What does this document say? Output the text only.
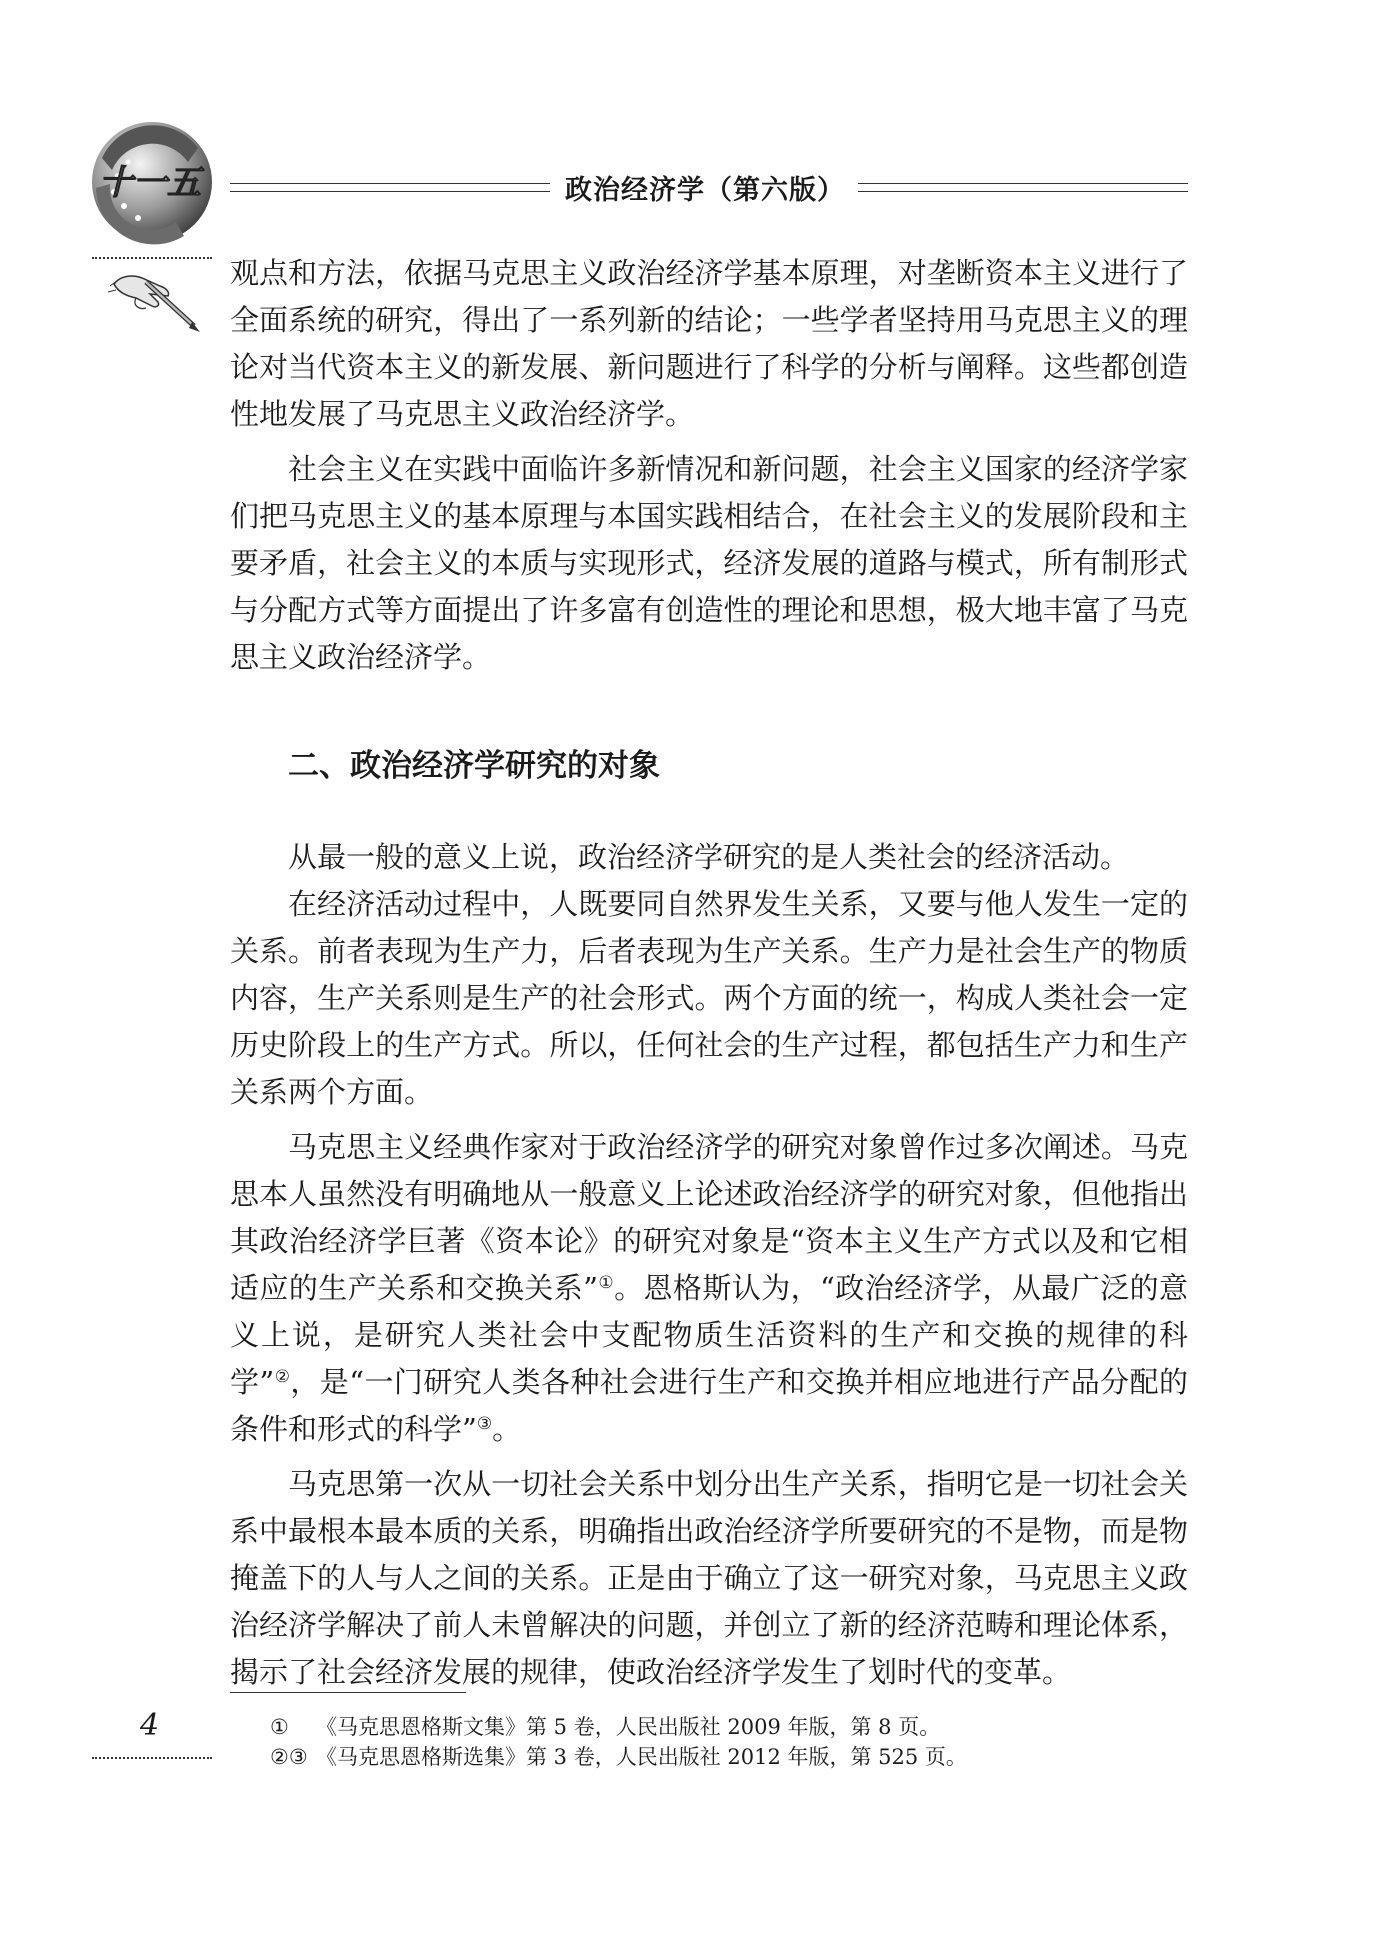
十一五	政治经济学（第六版）

观点和方法，依据马克思主义政治经济学基本原理，对垄断资本主义进行了全面系统的研究，得出了一系列新的结论；一些学者坚持用马克思主义的理论对当代资本主义的新发展、新问题进行了科学的分析与阐释。这些都创造性地发展了马克思主义政治经济学。

社会主义在实践中面临许多新情况和新问题，社会主义国家的经济学家们把马克思主义的基本原理与本国实践相结合，在社会主义的发展阶段和主要矛盾，社会主义的本质与实现形式，经济发展的道路与模式，所有制形式与分配方式等方面提出了许多富有创造性的理论和思想，极大地丰富了马克思主义政治经济学。

二、政治经济学研究的对象

从最一般的意义上说，政治经济学研究的是人类社会的经济活动。

在经济活动过程中，人既要同自然界发生关系，又要与他人发生一定的关系。前者表现为生产力，后者表现为生产关系。生产力是社会生产的物质内容，生产关系则是生产的社会形式。两个方面的统一，构成人类社会一定历史阶段上的生产方式。所以，任何社会的生产过程，都包括生产力和生产关系两个方面。

马克思主义经典作家对于政治经济学的研究对象曾作过多次阐述。马克思本人虽然没有明确地从一般意义上论述政治经济学的研究对象，但他指出其政治经济学巨著《资本论》的研究对象是“资本主义生产方式以及和它相适应的生产关系和交换关系”①。恩格斯认为，“政治经济学，从最广泛的意义上说，是研究人类社会中支配物质生活资料的生产和交换的规律的科学”②，是“一门研究人类各种社会进行生产和交换并相应地进行产品分配的条件和形式的科学”③。

马克思第一次从一切社会关系中划分出生产关系，指明它是一切社会关系中最根本最本质的关系，明确指出政治经济学所要研究的不是物，而是物掩盖下的人与人之间的关系。正是由于确立了这一研究对象，马克思主义政治经济学解决了前人未曾解决的问题，并创立了新的经济范畴和理论体系，揭示了社会经济发展的规律，使政治经济学发生了划时代的变革。

4	① 《马克思恩格斯文集》第 5 卷，人民出版社 2009 年版，第 8 页。

②③ 《马克思恩格斯选集》第 3 卷，人民出版社 2012 年版，第 525 页。
